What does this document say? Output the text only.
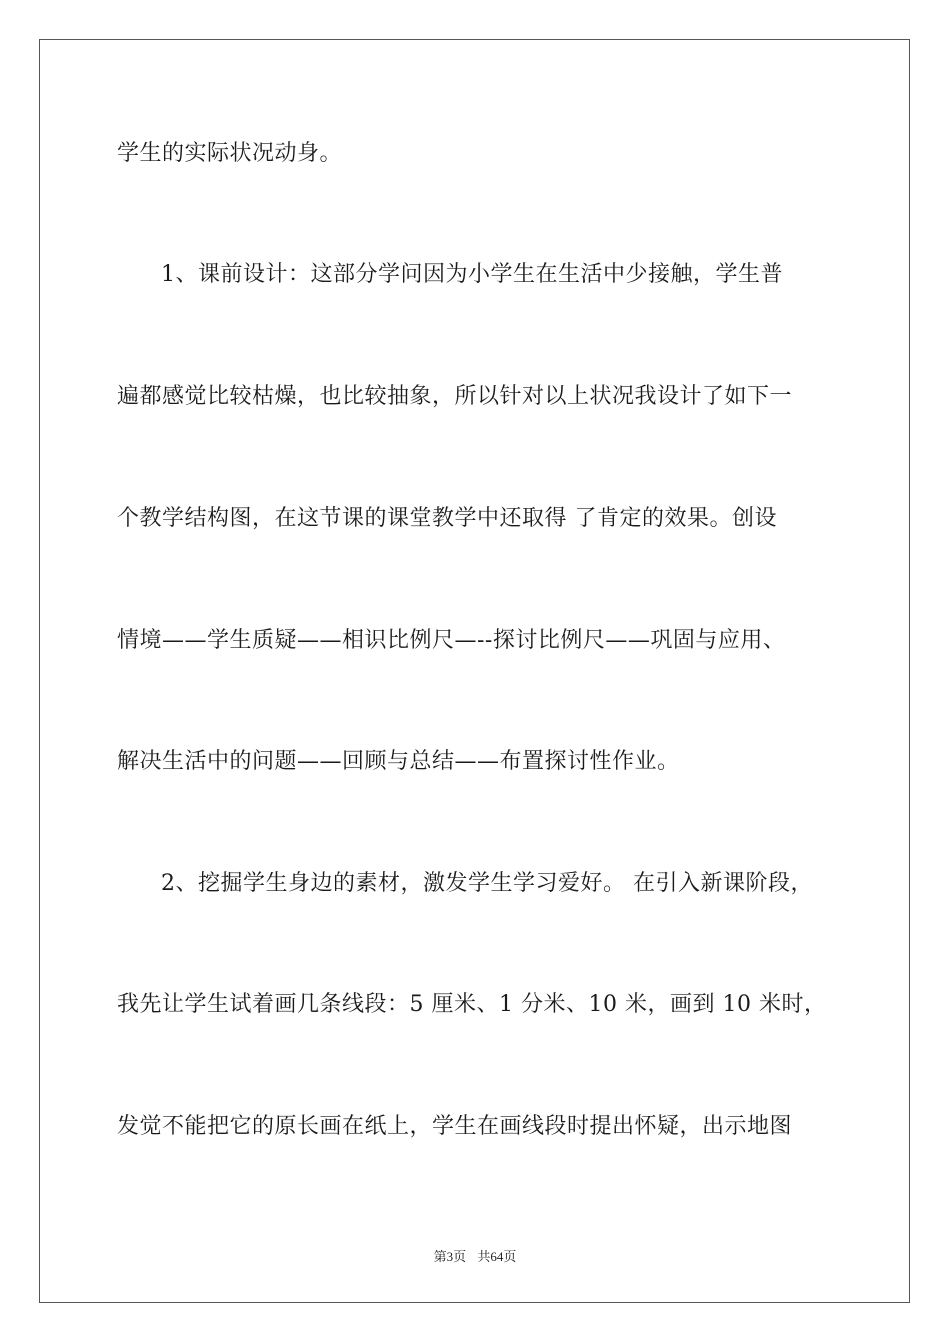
学生的实际状况动身。
1、课前设计：这部分学问因为小学生在生活中少接触，学生普
遍都感觉比较枯燥，也比较抽象，所以针对以上状况我设计了如下一
个教学结构图，在这节课的课堂教学中还取得 了肯定的效果。创设
情境——学生质疑——相识比例尺—--探讨比例尺——巩固与应用、
解决生活中的问题——回顾与总结——布置探讨性作业。
2、挖掘学生身边的素材，激发学生学习爱好。 在引入新课阶段，
我先让学生试着画几条线段：5 厘米、1 分米、10 米，画到 10 米时，
发觉不能把它的原长画在纸上，学生在画线段时提出怀疑，出示地图
第3页 共64页
